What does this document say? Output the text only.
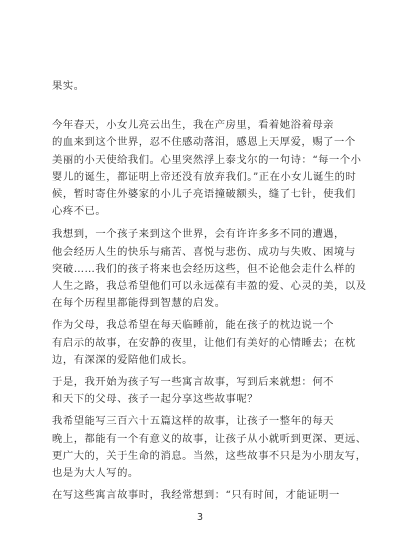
果实。

今年春天，小女儿亮云出生，我在产房里，看着她浴着母亲
的血来到这个世界，忍不住感动落泪，感恩上天厚爱，赐了一个
美丽的小天使给我们。心里突然浮上泰戈尔的一句诗：“每一个小
婴儿的诞生，都证明上帝还没有放弃我们。”正在小女儿诞生的时
候，暂时寄住外婆家的小儿子亮语撞破额头，缝了七针，使我们
心疼不已。

我想到，一个孩子来到这个世界，会有许许多多不同的遭遇，
他会经历人生的快乐与痛苦、喜悦与悲伤、成功与失败、困境与
突破……我们的孩子将来也会经历这些，但不论他会走什么样的
人生之路，我总希望他们可以永远葆有丰盈的爱、心灵的美，以及
在每个历程里都能得到智慧的启发。

作为父母，我总希望在每天临睡前，能在孩子的枕边说一个
有启示的故事，在安静的夜里，让他们有美好的心情睡去；在枕
边，有深深的爱陪他们成长。

于是，我开始为孩子写一些寓言故事，写到后来就想：何不
和天下的父母、孩子一起分享这些故事呢？

我希望能写三百六十五篇这样的故事，让孩子一整年的每天
晚上，都能有一个有意义的故事，让孩子从小就听到更深、更远、
更广大的，关于生命的消息。当然，这些故事不只是为小朋友写，
也是为大人写的。

在写这些寓言故事时，我经常想到：“只有时间，才能证明一

3
